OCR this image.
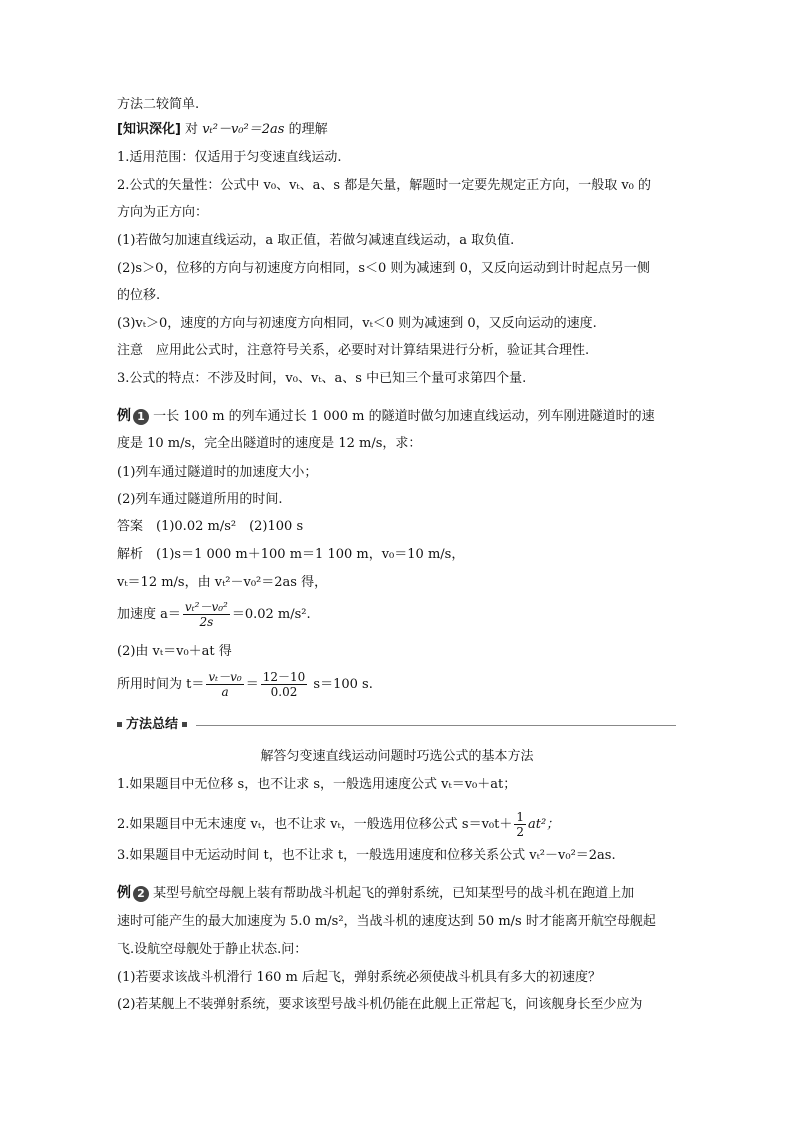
方法二较简单.
[知识深化] 对 vₜ²－v₀²＝2as 的理解
1.适用范围：仅适用于匀变速直线运动.
2.公式的矢量性：公式中 v₀、vₜ、a、s 都是矢量，解题时一定要先规定正方向，一般取 v₀ 的
方向为正方向：
(1)若做匀加速直线运动，a 取正值，若做匀减速直线运动，a 取负值.
(2)s＞0，位移的方向与初速度方向相同，s＜0 则为减速到 0，又反向运动到计时起点另一侧
的位移.
(3)vₜ＞0，速度的方向与初速度方向相同，vₜ＜0 则为减速到 0，又反向运动的速度.
注意　应用此公式时，注意符号关系，必要时对计算结果进行分析，验证其合理性.
3.公式的特点：不涉及时间，v₀、vₜ、a、s 中已知三个量可求第四个量.
例 1 一长 100 m 的列车通过长 1 000 m 的隧道时做匀加速直线运动，列车刚进隧道时的速
度是 10 m/s，完全出隧道时的速度是 12 m/s，求：
(1)列车通过隧道时的加速度大小；
(2)列车通过隧道所用的时间.
答案　(1)0.02 m/s²　(2)100 s
解析　(1)s＝1 000 m＋100 m＝1 100 m，v₀＝10 m/s，
vₜ＝12 m/s，由 vₜ²－v₀²＝2as 得，
加速度 $a= \frac{\text{vₜ²－v₀²}}{2s} =0.02$ m/s².
(2)由 vₜ＝v₀＋at 得
所用时间为 $t= \frac{\text{vₜ－v₀}}{a} = \frac{12-10}{0.02} s=100$ s.
方法总结
解答匀变速直线运动问题时巧选公式的基本方法
1.如果题目中无位移 s，也不让求 s，一般选用速度公式 vₜ＝v₀＋at；
2.如果题目中无末速度 vₜ，也不让求 vₜ，一般选用位移公式 $s=v_0t+ \frac{1}{2} at^2$；
3.如果题目中无运动时间 t，也不让求 t，一般选用速度和位移关系公式 vₜ²－v₀²＝2as.
例 2 某型号航空母舰上装有帮助战斗机起飞的弹射系统，已知某型号的战斗机在跑道上加
速时可能产生的最大加速度为 5.0 m/s²，当战斗机的速度达到 50 m/s 时才能离开航空母舰起
飞.设航空母舰处于静止状态.问：
(1)若要求该战斗机滑行 160 m 后起飞，弹射系统必须使战斗机具有多大的初速度？
(2)若某舰上不装弹射系统，要求该型号战斗机仍能在此舰上正常起飞，问该舰身长至少应为
